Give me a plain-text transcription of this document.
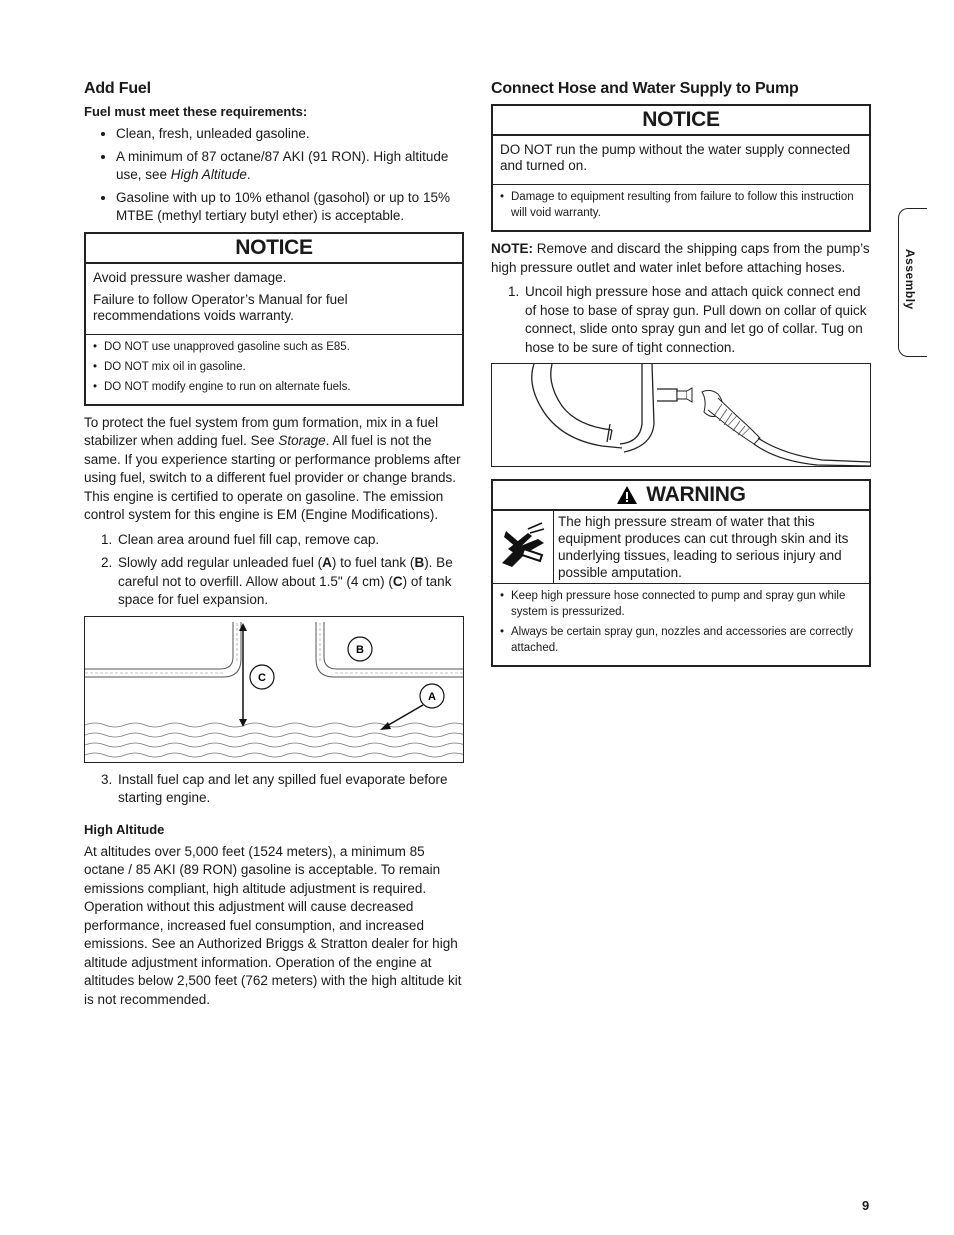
Add Fuel
Fuel must meet these requirements:
• Clean, fresh, unleaded gasoline.
• A minimum of 87 octane/87 AKI (91 RON). High altitude use, see High Altitude.
• Gasoline with up to 10% ethanol (gasohol) or up to 15% MTBE (methyl tertiary butyl ether) is acceptable.
NOTICE

Avoid pressure washer damage.

Failure to follow Operator’s Manual for fuel recommendations voids warranty.

• DO NOT use unapproved gasoline such as E85.
• DO NOT mix oil in gasoline.
• DO NOT modify engine to run on alternate fuels.

To protect the fuel system from gum formation, mix in a fuel stabilizer when adding fuel. See Storage. All fuel is not the same. If you experience starting or performance problems after using fuel, switch to a different fuel provider or change brands. This engine is certified to operate on gasoline. The emission control system for this engine is EM (Engine Modifications).

1. Clean area around fuel fill cap, remove cap.
2. Slowly add regular unleaded fuel (A) to fuel tank (B). Be careful not to overfill. Allow about 1.5" (4 cm) (C) of tank space for fuel expansion.
C
B
A
3. Install fuel cap and let any spilled fuel evaporate before starting engine.
High Altitude

At altitudes over 5,000 feet (1524 meters), a minimum 85 octane / 85 AKI (89 RON) gasoline is acceptable. To remain emissions compliant, high altitude adjustment is required. Operation without this adjustment will cause decreased performance, increased fuel consumption, and increased emissions. See an Authorized Briggs & Stratton dealer for high altitude adjustment information. Operation of the engine at altitudes below 2,500 feet (762 meters) with the high altitude kit is not recommended.

Connect Hose and Water Supply to Pump
NOTICE

DO NOT run the pump without the water supply connected and turned on.

• Damage to equipment resulting from failure to follow this instruction will void warranty.

NOTE: Remove and discard the shipping caps from the pump’s high pressure outlet and water inlet before attaching hoses.

1. Uncoil high pressure hose and attach quick connect end of hose to base of spray gun. Pull down on collar of quick connect, slide onto spray gun and let go of collar. Tug on hose to be sure of tight connection.
WARNING
The high pressure stream of water that this equipment produces can cut through skin and its underlying tissues, leading to serious injury and possible amputation.
• Keep high pressure hose connected to pump and spray gun while system is pressurized.
• Always be certain spray gun, nozzles and accessories are correctly attached.
Assembly
9
